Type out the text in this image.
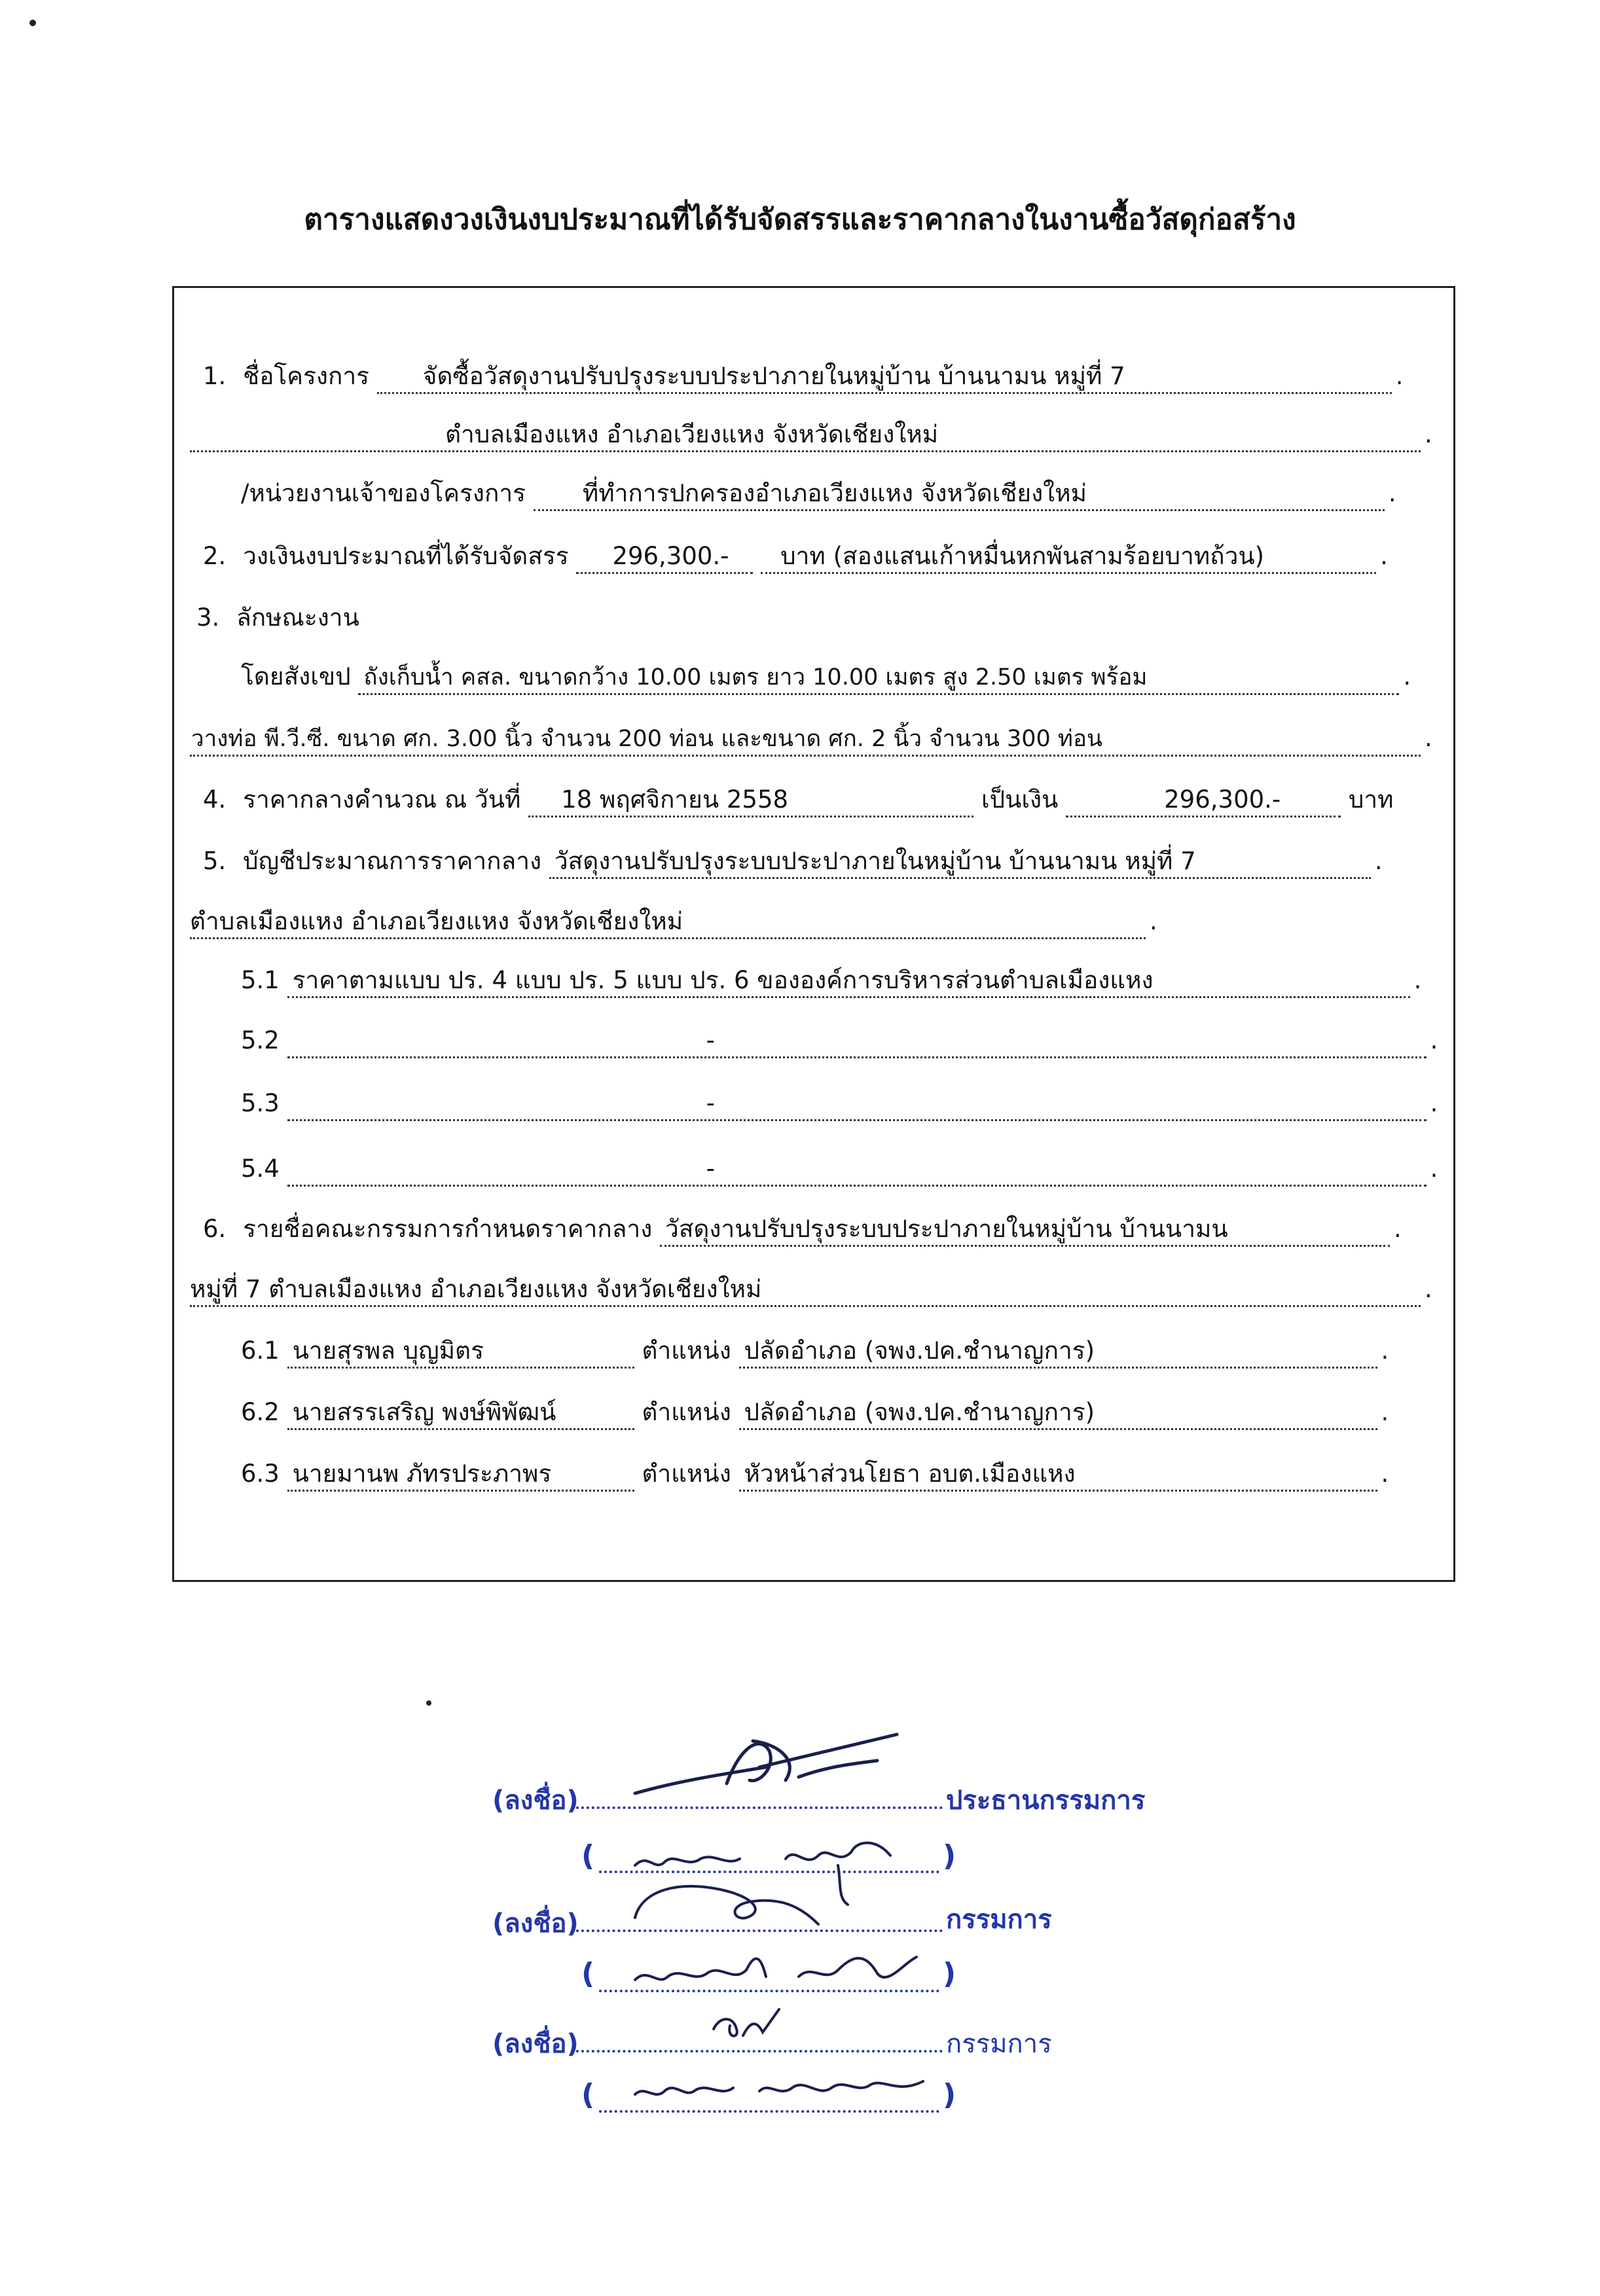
ตารางแสดงวงเงินงบประมาณที่ได้รับจัดสรรและราคากลางในงานซื้อวัสดุก่อสร้าง
1. ชื่อโครงการ จัดซื้อวัสดุงานปรับปรุงระบบประปาภายในหมู่บ้าน บ้านนามน หมู่ที่ 7	.
ตำบลเมืองแหง อำเภอเวียงแหง จังหวัดเชียงใหม่	.
/หน่วยงานเจ้าของโครงการ ที่ทำการปกครองอำเภอเวียงแหง จังหวัดเชียงใหม่	.
2. วงเงินงบประมาณที่ได้รับจัดสรร 296,300.- บาท (สองแสนเก้าหมื่นหกพันสามร้อยบาทถ้วน)	.
3. ลักษณะงาน
โดยสังเขป ถังเก็บน้ำ คสล. ขนาดกว้าง 10.00 เมตร ยาว 10.00 เมตร สูง 2.50 เมตร พร้อม	.
วางท่อ พี.วี.ซี. ขนาด ศก. 3.00 นิ้ว จำนวน 200 ท่อน และขนาด ศก. 2 นิ้ว จำนวน 300 ท่อน	.
4. ราคากลางคำนวณ ณ วันที่ 18 พฤศจิกายน 2558	เป็นเงิน	296,300.-	บาท
5. บัญชีประมาณการราคากลาง วัสดุงานปรับปรุงระบบประปาภายในหมู่บ้าน บ้านนามน หมู่ที่ 7	.
ตำบลเมืองแหง อำเภอเวียงแหง จังหวัดเชียงใหม่	.
5.1 ราคาตามแบบ ปร. 4 แบบ ปร. 5 แบบ ปร. 6 ขององค์การบริหารส่วนตำบลเมืองแหง	.
5.2	-	.
5.3	-	.
5.4	-	.
6. รายชื่อคณะกรรมการกำหนดราคากลาง วัสดุงานปรับปรุงระบบประปาภายในหมู่บ้าน บ้านนามน	.
หมู่ที่ 7 ตำบลเมืองแหง อำเภอเวียงแหง จังหวัดเชียงใหม่	.
6.1 นายสุรพล บุญมิตร	ตำแหน่ง ปลัดอำเภอ (จพง.ปค.ชำนาญการ)	.
6.2 นายสรรเสริญ พงษ์พิพัฒน์	ตำแหน่ง ปลัดอำเภอ (จพง.ปค.ชำนาญการ)	.
6.3 นายมานพ ภัทรประภาพร	ตำแหน่ง หัวหน้าส่วนโยธา อบต.เมืองแหง	.
(ลงชื่อ)	ประธานกรรมการ
(	)
(ลงชื่อ)	กรรมการ
(	)
(ลงชื่อ)	กรรมการ
(	)
